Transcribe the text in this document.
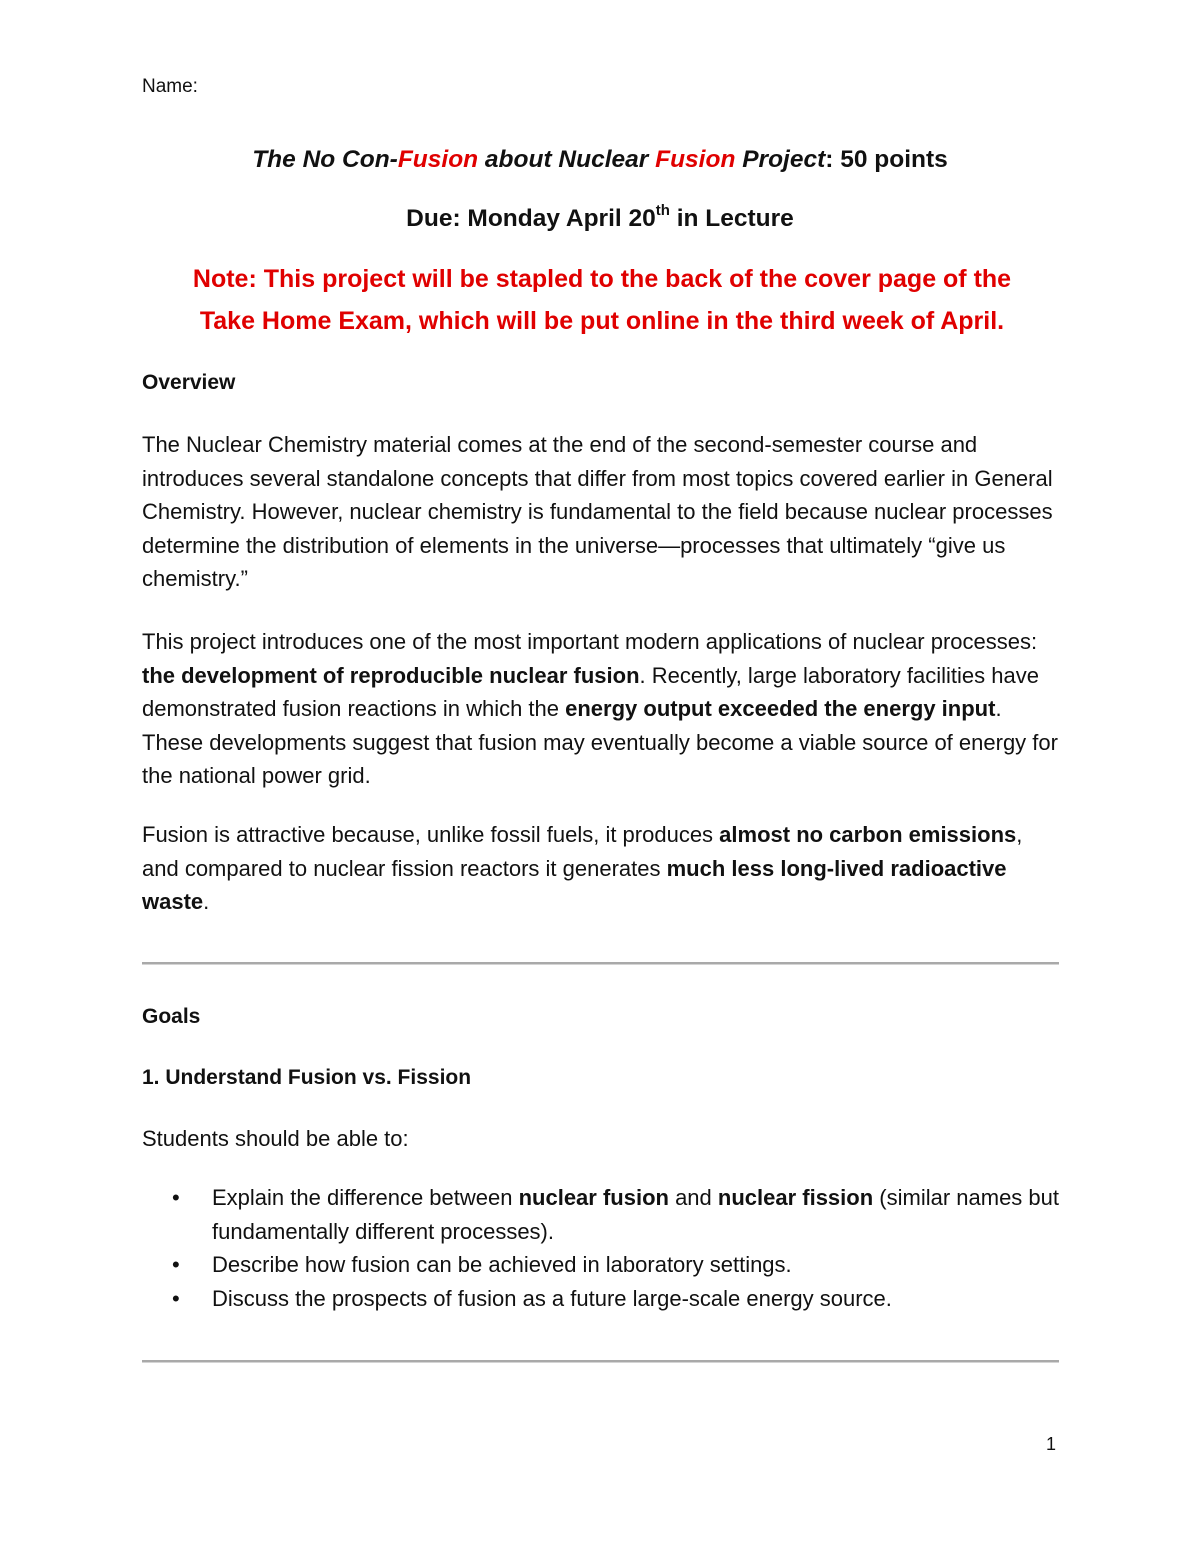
Name:
The No Con-Fusion about Nuclear Fusion Project: 50 points
Due: Monday April 20th in Lecture
Note: This project will be stapled to the back of the cover page of the
Take Home Exam, which will be put online in the third week of April.
Overview
The Nuclear Chemistry material comes at the end of the second-semester course and introduces several standalone concepts that differ from most topics covered earlier in General Chemistry. However, nuclear chemistry is fundamental to the field because nuclear processes determine the distribution of elements in the universe—processes that ultimately “give us chemistry.”
This project introduces one of the most important modern applications of nuclear processes: the development of reproducible nuclear fusion. Recently, large laboratory facilities have demonstrated fusion reactions in which the energy output exceeded the energy input. These developments suggest that fusion may eventually become a viable source of energy for the national power grid.
Fusion is attractive because, unlike fossil fuels, it produces almost no carbon emissions, and compared to nuclear fission reactors it generates much less long-lived radioactive waste.
Goals
1. Understand Fusion vs. Fission
Students should be able to:
• Explain the difference between nuclear fusion and nuclear fission (similar names but fundamentally different processes).
• Describe how fusion can be achieved in laboratory settings.
• Discuss the prospects of fusion as a future large-scale energy source.
1
